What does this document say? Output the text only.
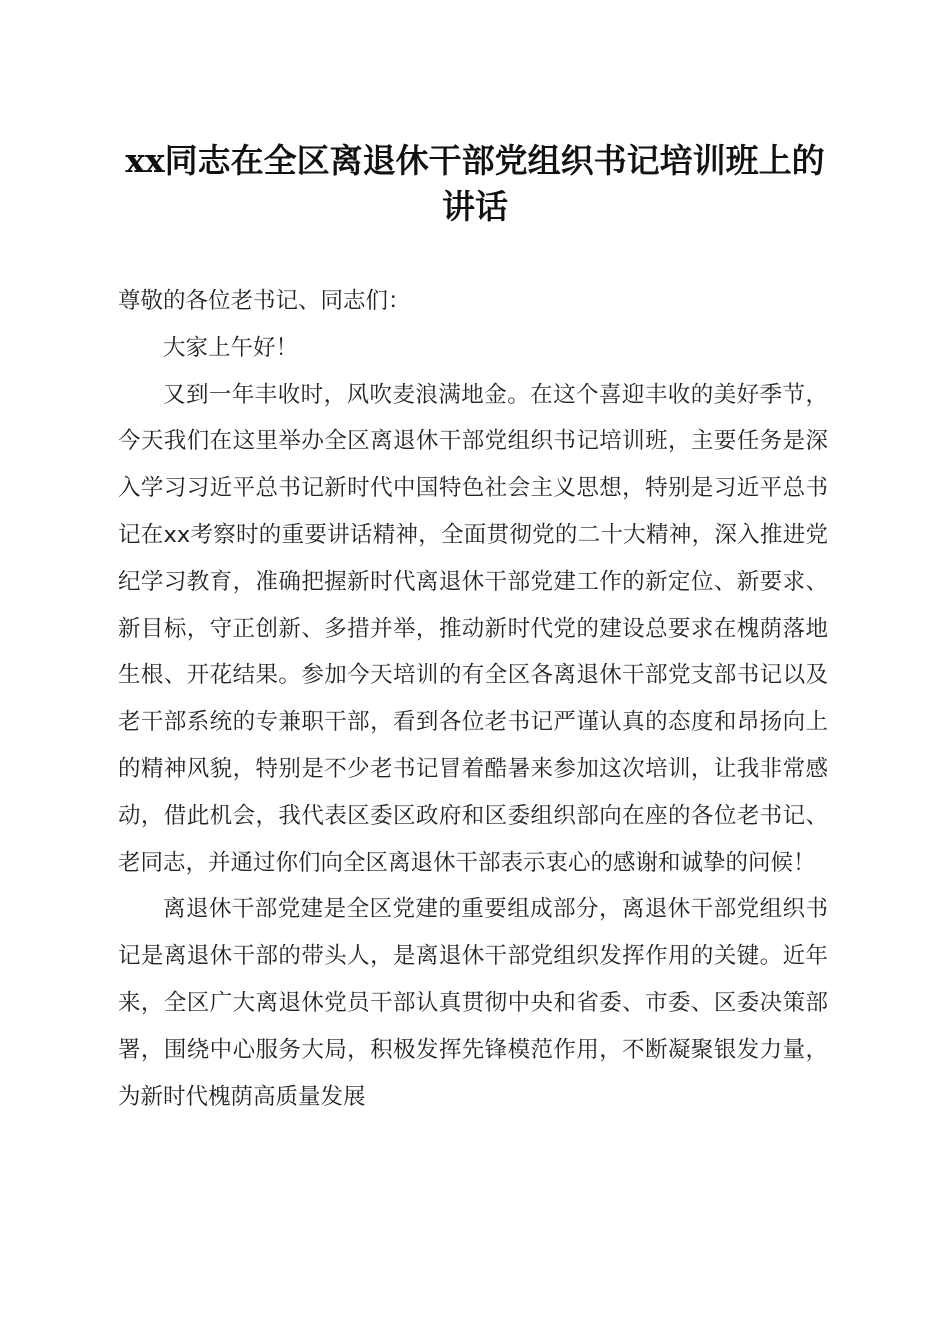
xx同志在全区离退休干部党组织书记培训班上的讲话

尊敬的各位老书记、同志们：

大家上午好！

又到一年丰收时，风吹麦浪满地金。在这个喜迎丰收的美好季节，今天我们在这里举办全区离退休干部党组织书记培训班，主要任务是深入学习习近平总书记新时代中国特色社会主义思想，特别是习近平总书记在xx考察时的重要讲话精神，全面贯彻党的二十大精神，深入推进党纪学习教育，准确把握新时代离退休干部党建工作的新定位、新要求、新目标，守正创新、多措并举，推动新时代党的建设总要求在槐荫落地生根、开花结果。参加今天培训的有全区各离退休干部党支部书记以及老干部系统的专兼职干部，看到各位老书记严谨认真的态度和昂扬向上的精神风貌，特别是不少老书记冒着酷暑来参加这次培训，让我非常感动，借此机会，我代表区委区政府和区委组织部向在座的各位老书记、老同志，并通过你们向全区离退休干部表示衷心的感谢和诚挚的问候！

离退休干部党建是全区党建的重要组成部分，离退休干部党组织书记是离退休干部的带头人，是离退休干部党组织发挥作用的关键。近年来，全区广大离退休党员干部认真贯彻中央和省委、市委、区委决策部署，围绕中心服务大局，积极发挥先锋模范作用，不断凝聚银发力量，为新时代槐荫高质量发展
